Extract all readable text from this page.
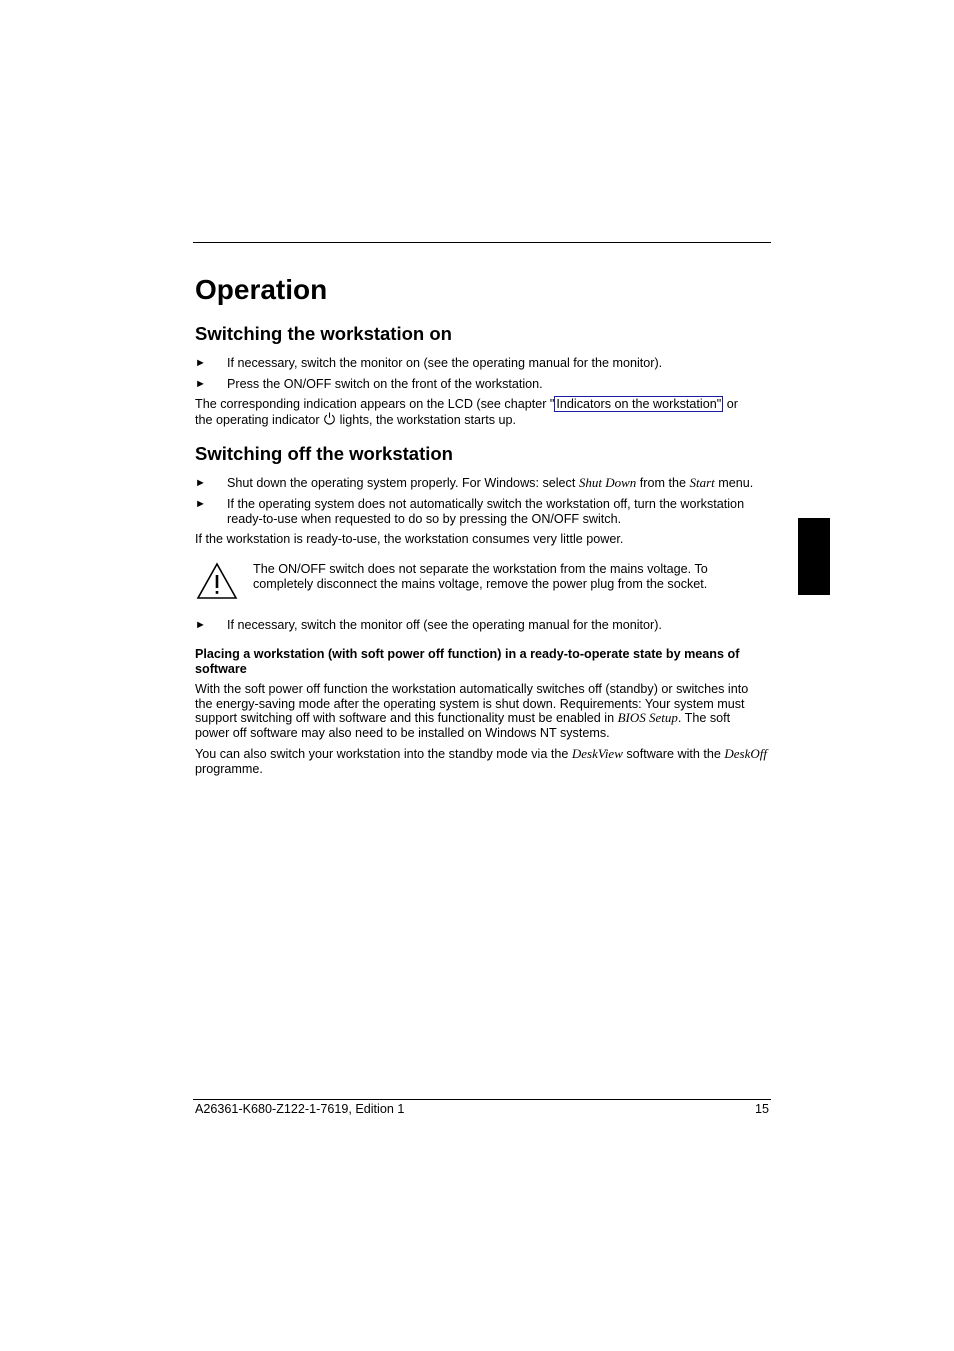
Operation
Switching the workstation on
► If necessary, switch the monitor on (see the operating manual for the monitor).
► Press the ON/OFF switch on the front of the workstation.
The corresponding indication appears on the LCD (see chapter " Indicators on the workstation" or
the operating indicator  lights, the workstation starts up.
Switching off the workstation
► Shut down the operating system properly. For Windows: select Shut Down from the Start menu.
► If the operating system does not automatically switch the workstation off, turn the workstation ready-to-use when requested to do so by pressing the ON/OFF switch.
If the workstation is ready-to-use, the workstation consumes very little power.
The ON/OFF switch does not separate the workstation from the mains voltage. To completely disconnect the mains voltage, remove the power plug from the socket.
► If necessary, switch the monitor off (see the operating manual for the monitor).
Placing a workstation (with soft power off function) in a ready-to-operate state by means of software
With the soft power off function the workstation automatically switches off (standby) or switches into the energy-saving mode after the operating system is shut down. Requirements: Your system must support switching off with software and this functionality must be enabled in BIOS Setup. The soft power off software may also need to be installed on Windows NT systems.
You can also switch your workstation into the standby mode via the DeskView software with the DeskOff programme.
A26361-K680-Z122-1-7619, Edition 1	15
